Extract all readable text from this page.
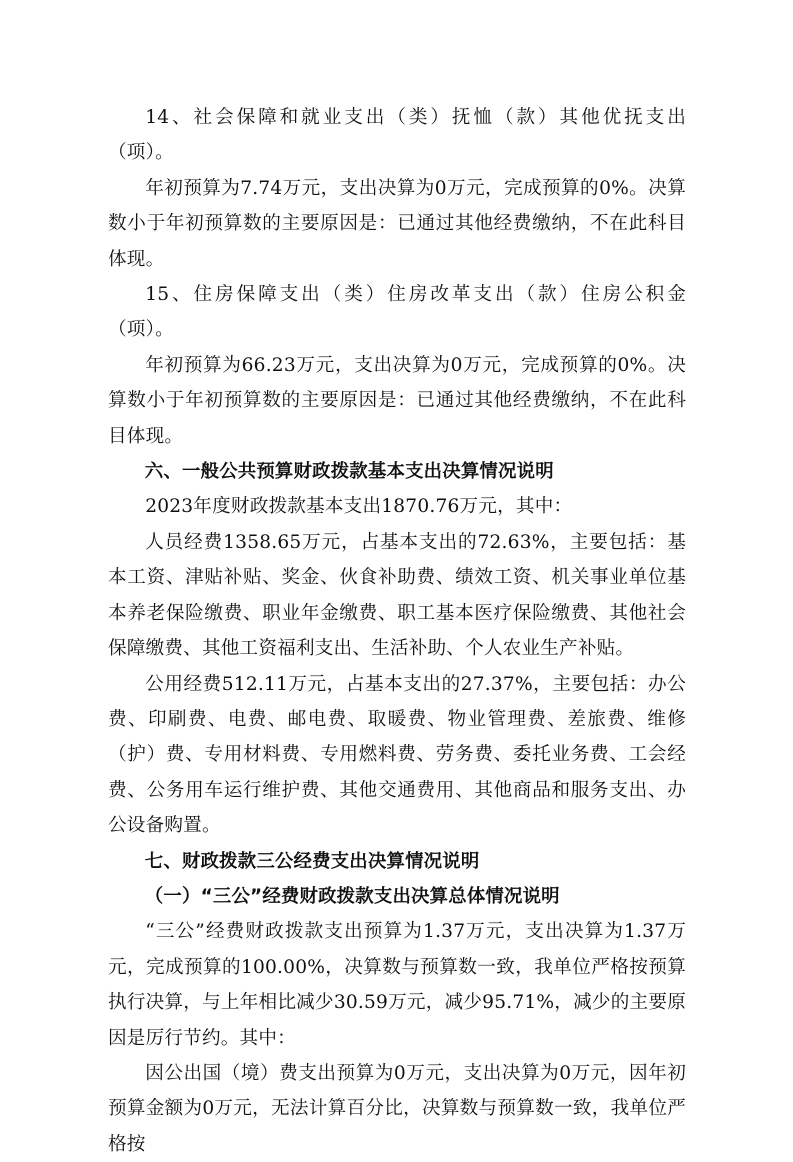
14、社会保障和就业支出（类）抚恤（款）其他优抚支出（项）。

年初预算为7.74万元，支出决算为0万元，完成预算的0%。决算数小于年初预算数的主要原因是：已通过其他经费缴纳，不在此科目体现。

15、住房保障支出（类）住房改革支出（款）住房公积金（项）。

年初预算为66.23万元，支出决算为0万元，完成预算的0%。决算数小于年初预算数的主要原因是：已通过其他经费缴纳，不在此科目体现。

六、一般公共预算财政拨款基本支出决算情况说明

2023年度财政拨款基本支出1870.76万元，其中：

人员经费1358.65万元，占基本支出的72.63%，主要包括：基本工资、津贴补贴、奖金、伙食补助费、绩效工资、机关事业单位基本养老保险缴费、职业年金缴费、职工基本医疗保险缴费、其他社会保障缴费、其他工资福利支出、生活补助、个人农业生产补贴。

公用经费512.11万元，占基本支出的27.37%，主要包括：办公费、印刷费、电费、邮电费、取暖费、物业管理费、差旅费、维修（护）费、专用材料费、专用燃料费、劳务费、委托业务费、工会经费、公务用车运行维护费、其他交通费用、其他商品和服务支出、办公设备购置。

七、财政拨款三公经费支出决算情况说明

（一）“三公”经费财政拨款支出决算总体情况说明

“三公”经费财政拨款支出预算为1.37万元，支出决算为1.37万元，完成预算的100.00%，决算数与预算数一致，我单位严格按预算执行决算，与上年相比减少30.59万元，减少95.71%，减少的主要原因是厉行节约。其中：

因公出国（境）费支出预算为0万元，支出决算为0万元，因年初预算金额为0万元，无法计算百分比，决算数与预算数一致，我单位严格按
